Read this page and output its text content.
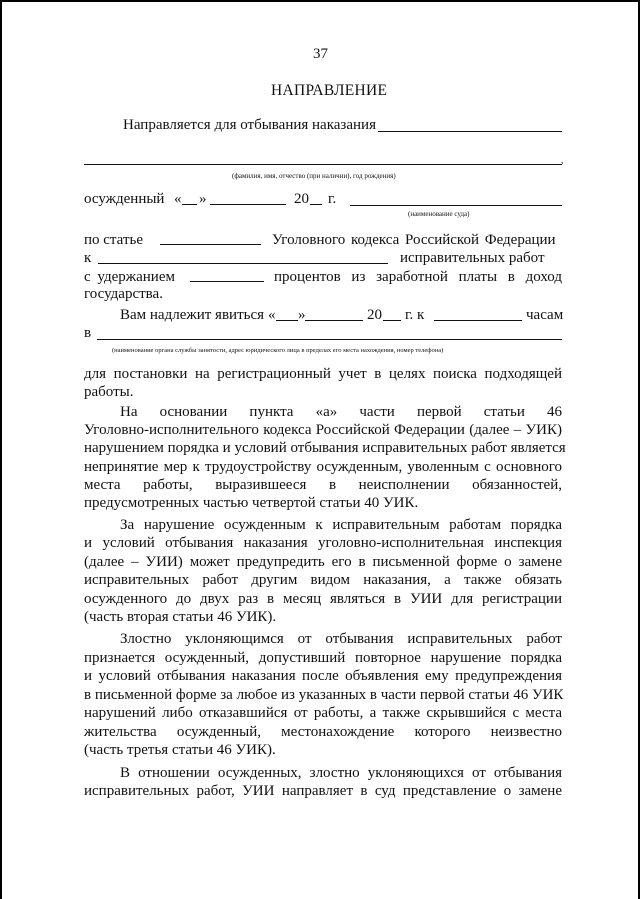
37
НАПРАВЛЕНИЕ
Направляется для отбывания наказания
,
(фамилия, имя, отчество (при наличии), год рождения)
осужденный « »	20 г.
(наименование суда)
по статье	Уголовного кодекса Российской Федерации
к	исправительных работ
с удержанием	процентов из заработной платы в доход
государства.
Вам надлежит явиться « »	20 г. к	часам
в
(наименование органа службы занятости, адрес юридического лица в пределах его места нахождения, номер телефона)
для постановки на регистрационный учет в целях поиска подходящей
работы.
На основании пункта «а» части первой статьи 46
Уголовно-исполнительного кодекса Российской Федерации (далее – УИК)
нарушением порядка и условий отбывания исправительных работ является
непринятие мер к трудоустройству осужденным, уволенным с основного
места работы, выразившееся в неисполнении обязанностей,
предусмотренных частью четвертой статьи 40 УИК.
За нарушение осужденным к исправительным работам порядка
и условий отбывания наказания уголовно-исполнительная инспекция
(далее – УИИ) может предупредить его в письменной форме о замене
исправительных работ другим видом наказания, а также обязать
осужденного до двух раз в месяц являться в УИИ для регистрации
(часть вторая статьи 46 УИК).
Злостно уклоняющимся от отбывания исправительных работ
признается осужденный, допустивший повторное нарушение порядка
и условий отбывания наказания после объявления ему предупреждения
в письменной форме за любое из указанных в части первой статьи 46 УИК
нарушений либо отказавшийся от работы, а также скрывшийся с места
жительства осужденный, местонахождение которого неизвестно
(часть третья статьи 46 УИК).
В отношении осужденных, злостно уклоняющихся от отбывания
исправительных работ, УИИ направляет в суд представление о замене
